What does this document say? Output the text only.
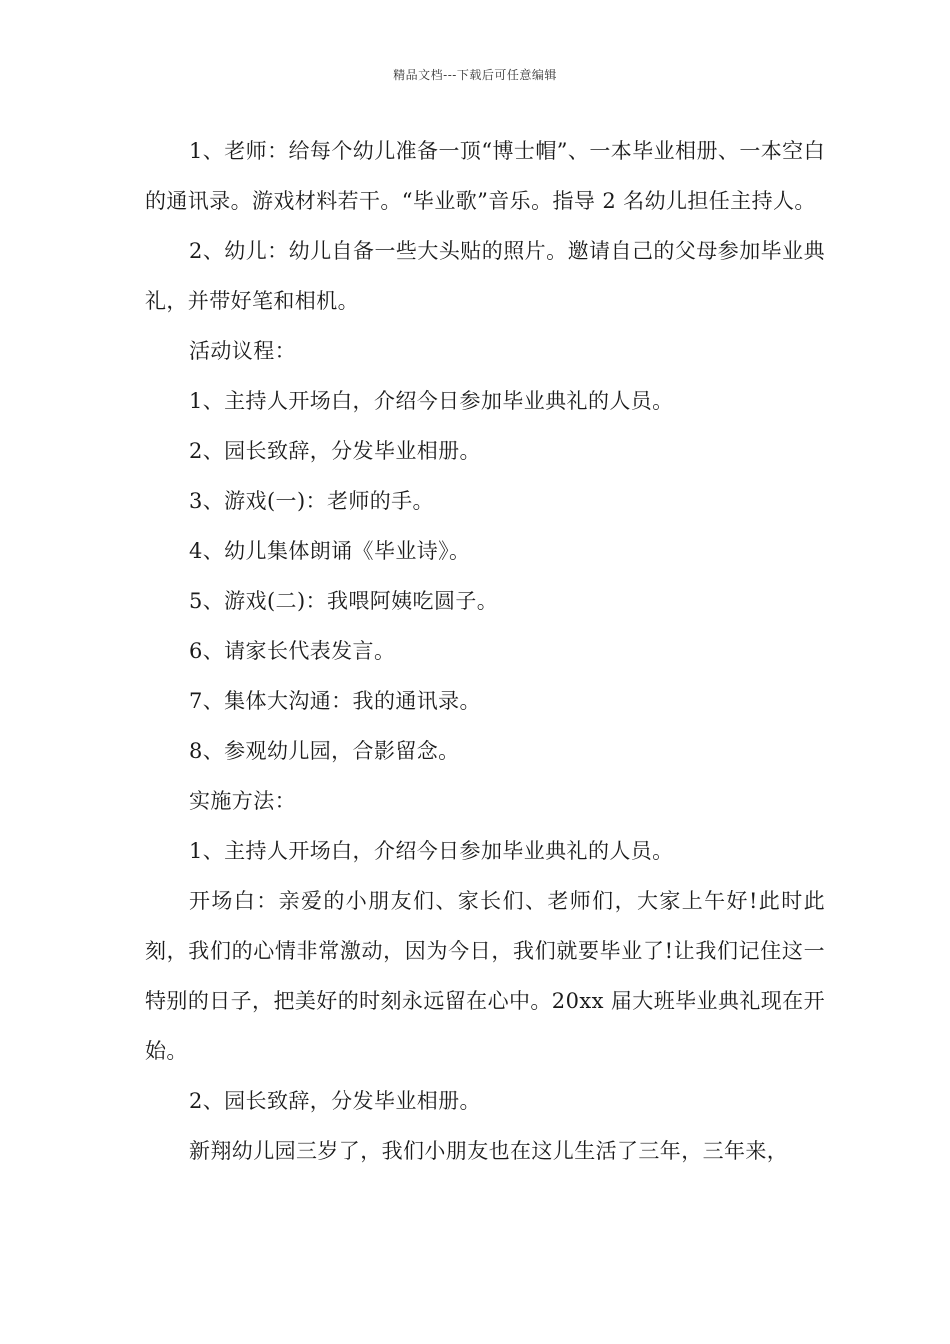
精品文档---下载后可任意编辑

1、老师：给每个幼儿准备一顶“博士帽”、一本毕业相册、一本空白的通讯录。游戏材料若干。“毕业歌”音乐。指导 2 名幼儿担任主持人。

2、幼儿：幼儿自备一些大头贴的照片。邀请自己的父母参加毕业典礼，并带好笔和相机。

活动议程：

1、主持人开场白，介绍今日参加毕业典礼的人员。

2、园长致辞，分发毕业相册。

3、游戏(一)：老师的手。

4、幼儿集体朗诵《毕业诗》。

5、游戏(二)：我喂阿姨吃圆子。

6、请家长代表发言。

7、集体大沟通：我的通讯录。

8、参观幼儿园，合影留念。

实施方法：

1、主持人开场白，介绍今日参加毕业典礼的人员。

开场白：亲爱的小朋友们、家长们、老师们，大家上午好!此时此刻，我们的心情非常激动，因为今日，我们就要毕业了!让我们记住这一特别的日子，把美好的时刻永远留在心中。20xx 届大班毕业典礼现在开始。

2、园长致辞，分发毕业相册。

新翔幼儿园三岁了，我们小朋友也在这儿生活了三年，三年来，
